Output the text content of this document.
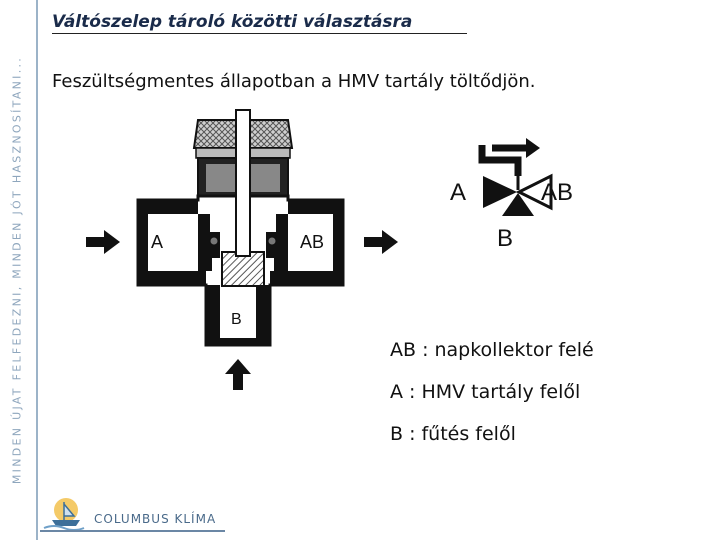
MINDEN ÚJAT FELFEDEZNI, MINDEN JÓT HASZNOSÍTANI...
Váltószelep tároló közötti választásra
Feszültségmentes állapotban a HMV tartály töltődjön.
A	AB
B
A	AB
B
AB : napkollektor felé
A : HMV tartály felől
B : fűtés felől
COLUMBUS KLÍMA
